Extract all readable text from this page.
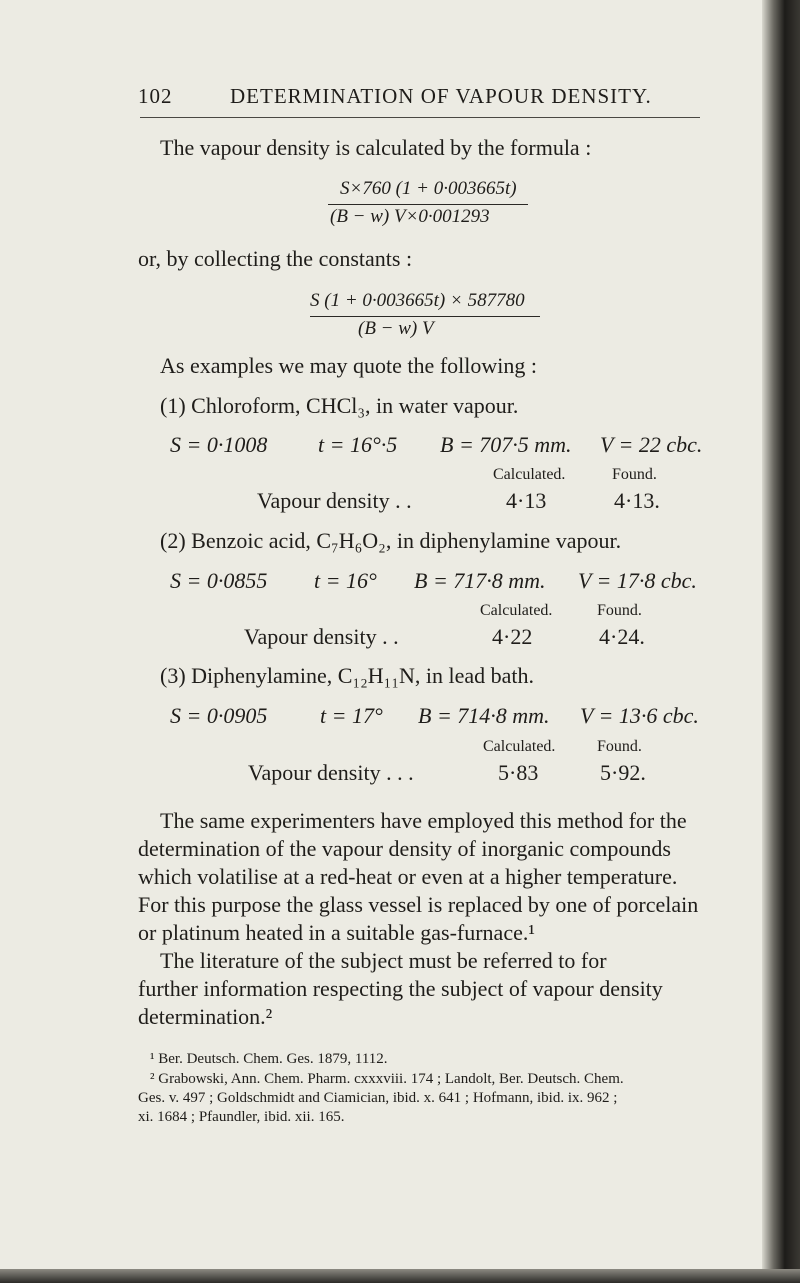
102	DETERMINATION OF VAPOUR DENSITY.
The vapour density is calculated by the formula :
S×760 (1 + 0·003665t)
(B − w) V×0·001293
or, by collecting the constants :
S (1 + 0·003665t) × 587780
(B − w) V
As examples we may quote the following :
(1) Chloroform, CHCl₃, in water vapour.
S = 0·1008 t = 16°·5 B = 707·5 mm. V = 22 cbc.
Calculated.	Found.
Vapour density . .	4·13	4·13.
(2) Benzoic acid, C₇H₆O₂, in diphenylamine vapour.
S = 0·0855 t = 16° B = 717·8 mm. V = 17·8 cbc.
Calculated.	Found.
Vapour density . .	4·22	4·24.
(3) Diphenylamine, C₁₂H₁₁N, in lead bath.
S = 0·0905 t = 17° B = 714·8 mm. V = 13·6 cbc.
Calculated.	Found.
Vapour density . . .	5·83	5·92.
The same experimenters have employed this method for the
determination of the vapour density of inorganic compounds
which volatilise at a red-heat or even at a higher temperature.
For this purpose the glass vessel is replaced by one of porcelain
or platinum heated in a suitable gas-furnace.¹
The literature of the subject must be referred to for
further information respecting the subject of vapour density
determination.²
¹ Ber. Deutsch. Chem. Ges. 1879, 1112.
² Grabowski, Ann. Chem. Pharm. cxxxviii. 174 ; Landolt, Ber. Deutsch. Chem.
Ges. v. 497 ; Goldschmidt and Ciamician, ibid. x. 641 ; Hofmann, ibid. ix. 962 ;
xi. 1684 ; Pfaundler, ibid. xii. 165.
